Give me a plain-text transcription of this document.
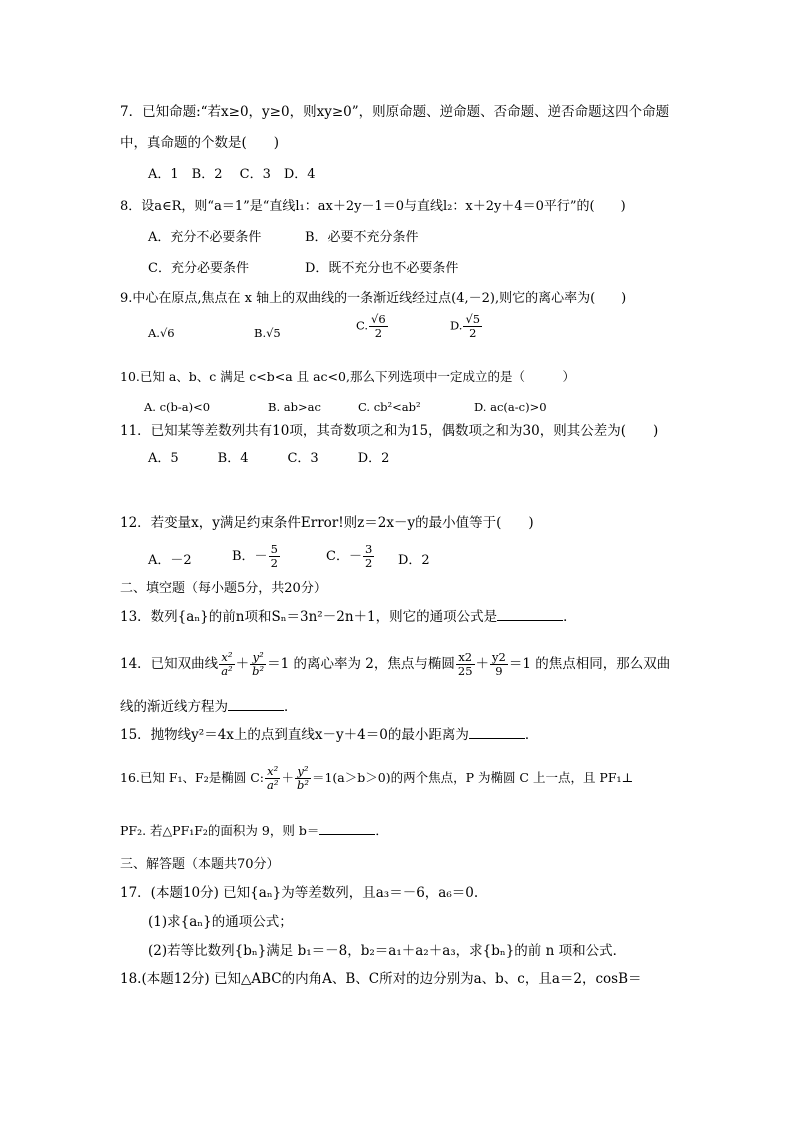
7．已知命题:“若x≥0，y≥0，则xy≥0”，则原命题、逆命题、否命题、逆否命题这四个命题
中，真命题的个数是(　　)
A．1　B．2　 C．3　D．4
8．设a∈R，则“a＝1”是“直线l₁：ax＋2y－1＝0与直线l₂：x＋2y＋4＝0平行”的(　　)
A．充分不必要条件	B．必要不充分条件
C．充分必要条件	D．既不充分也不必要条件
9.中心在原点,焦点在 x 轴上的双曲线的一条渐近线经过点(4,－2),则它的离心率为(　　)
A.√6	B.√5
C. $\frac{√6}{2}$	D. $\frac{√5}{2}$
10.已知 a、b、c 满足 c<b<a 且 ac<0,那么下列选项中一定成立的是（　　　）
A. c(b-a)<0	B. ab>ac	C. cb²<ab²	D. ac(a-c)>0
11．已知某等差数列共有10项，其奇数项之和为15，偶数项之和为30，则其公差为(　　)
A．5　　　B．4　　　C．3　　　D．2
12．若变量x，y满足约束条件Error!则z＝2x－y的最小值等于(　　)
A．－2	B．－ $\frac{5}{2}$	C．－ $\frac{3}{2}$ D．2
二、填空题（每小题5分，共20分）
13．数列{aₙ}的前n项和Sₙ＝3n²－2n＋1，则它的通项公式是	．
14．已知双曲线 $\frac{\text{x²}}{\text{a²}} + \frac{\text{y²}}{\text{b²}} =1$ 的离心率为 2，焦点与椭圆 $\frac{x2}{25} + \frac{y2}{9} =1$ 的焦点相同，那么双曲
线的渐近线方程为	．
15．抛物线y²＝4x上的点到直线x－y＋4＝0的最小距离为	．
16.已知 F₁、F₂是椭圆 C: $\frac{\text{x²}}{\text{a²}} + \frac{\text{y²}}{\text{b²}} =1(a>b>0)$的两个焦点，P 为椭圆 C 上一点，且 PF₁⊥
PF₂. 若△PF₁F₂的面积为 9，则 b＝	．
三、解答题（本题共70分）
17．(本题10分) 已知{aₙ}为等差数列，且a₃＝－6，a₆＝0.
(1)求{aₙ}的通项公式；
(2)若等比数列{bₙ}满足 b₁＝－8，b₂＝a₁＋a₂＋a₃，求{bₙ}的前 n 项和公式．
18.(本题12分) 已知△ABC的内角A、B、C所对的边分别为a、b、c，且a＝2，cosB＝
